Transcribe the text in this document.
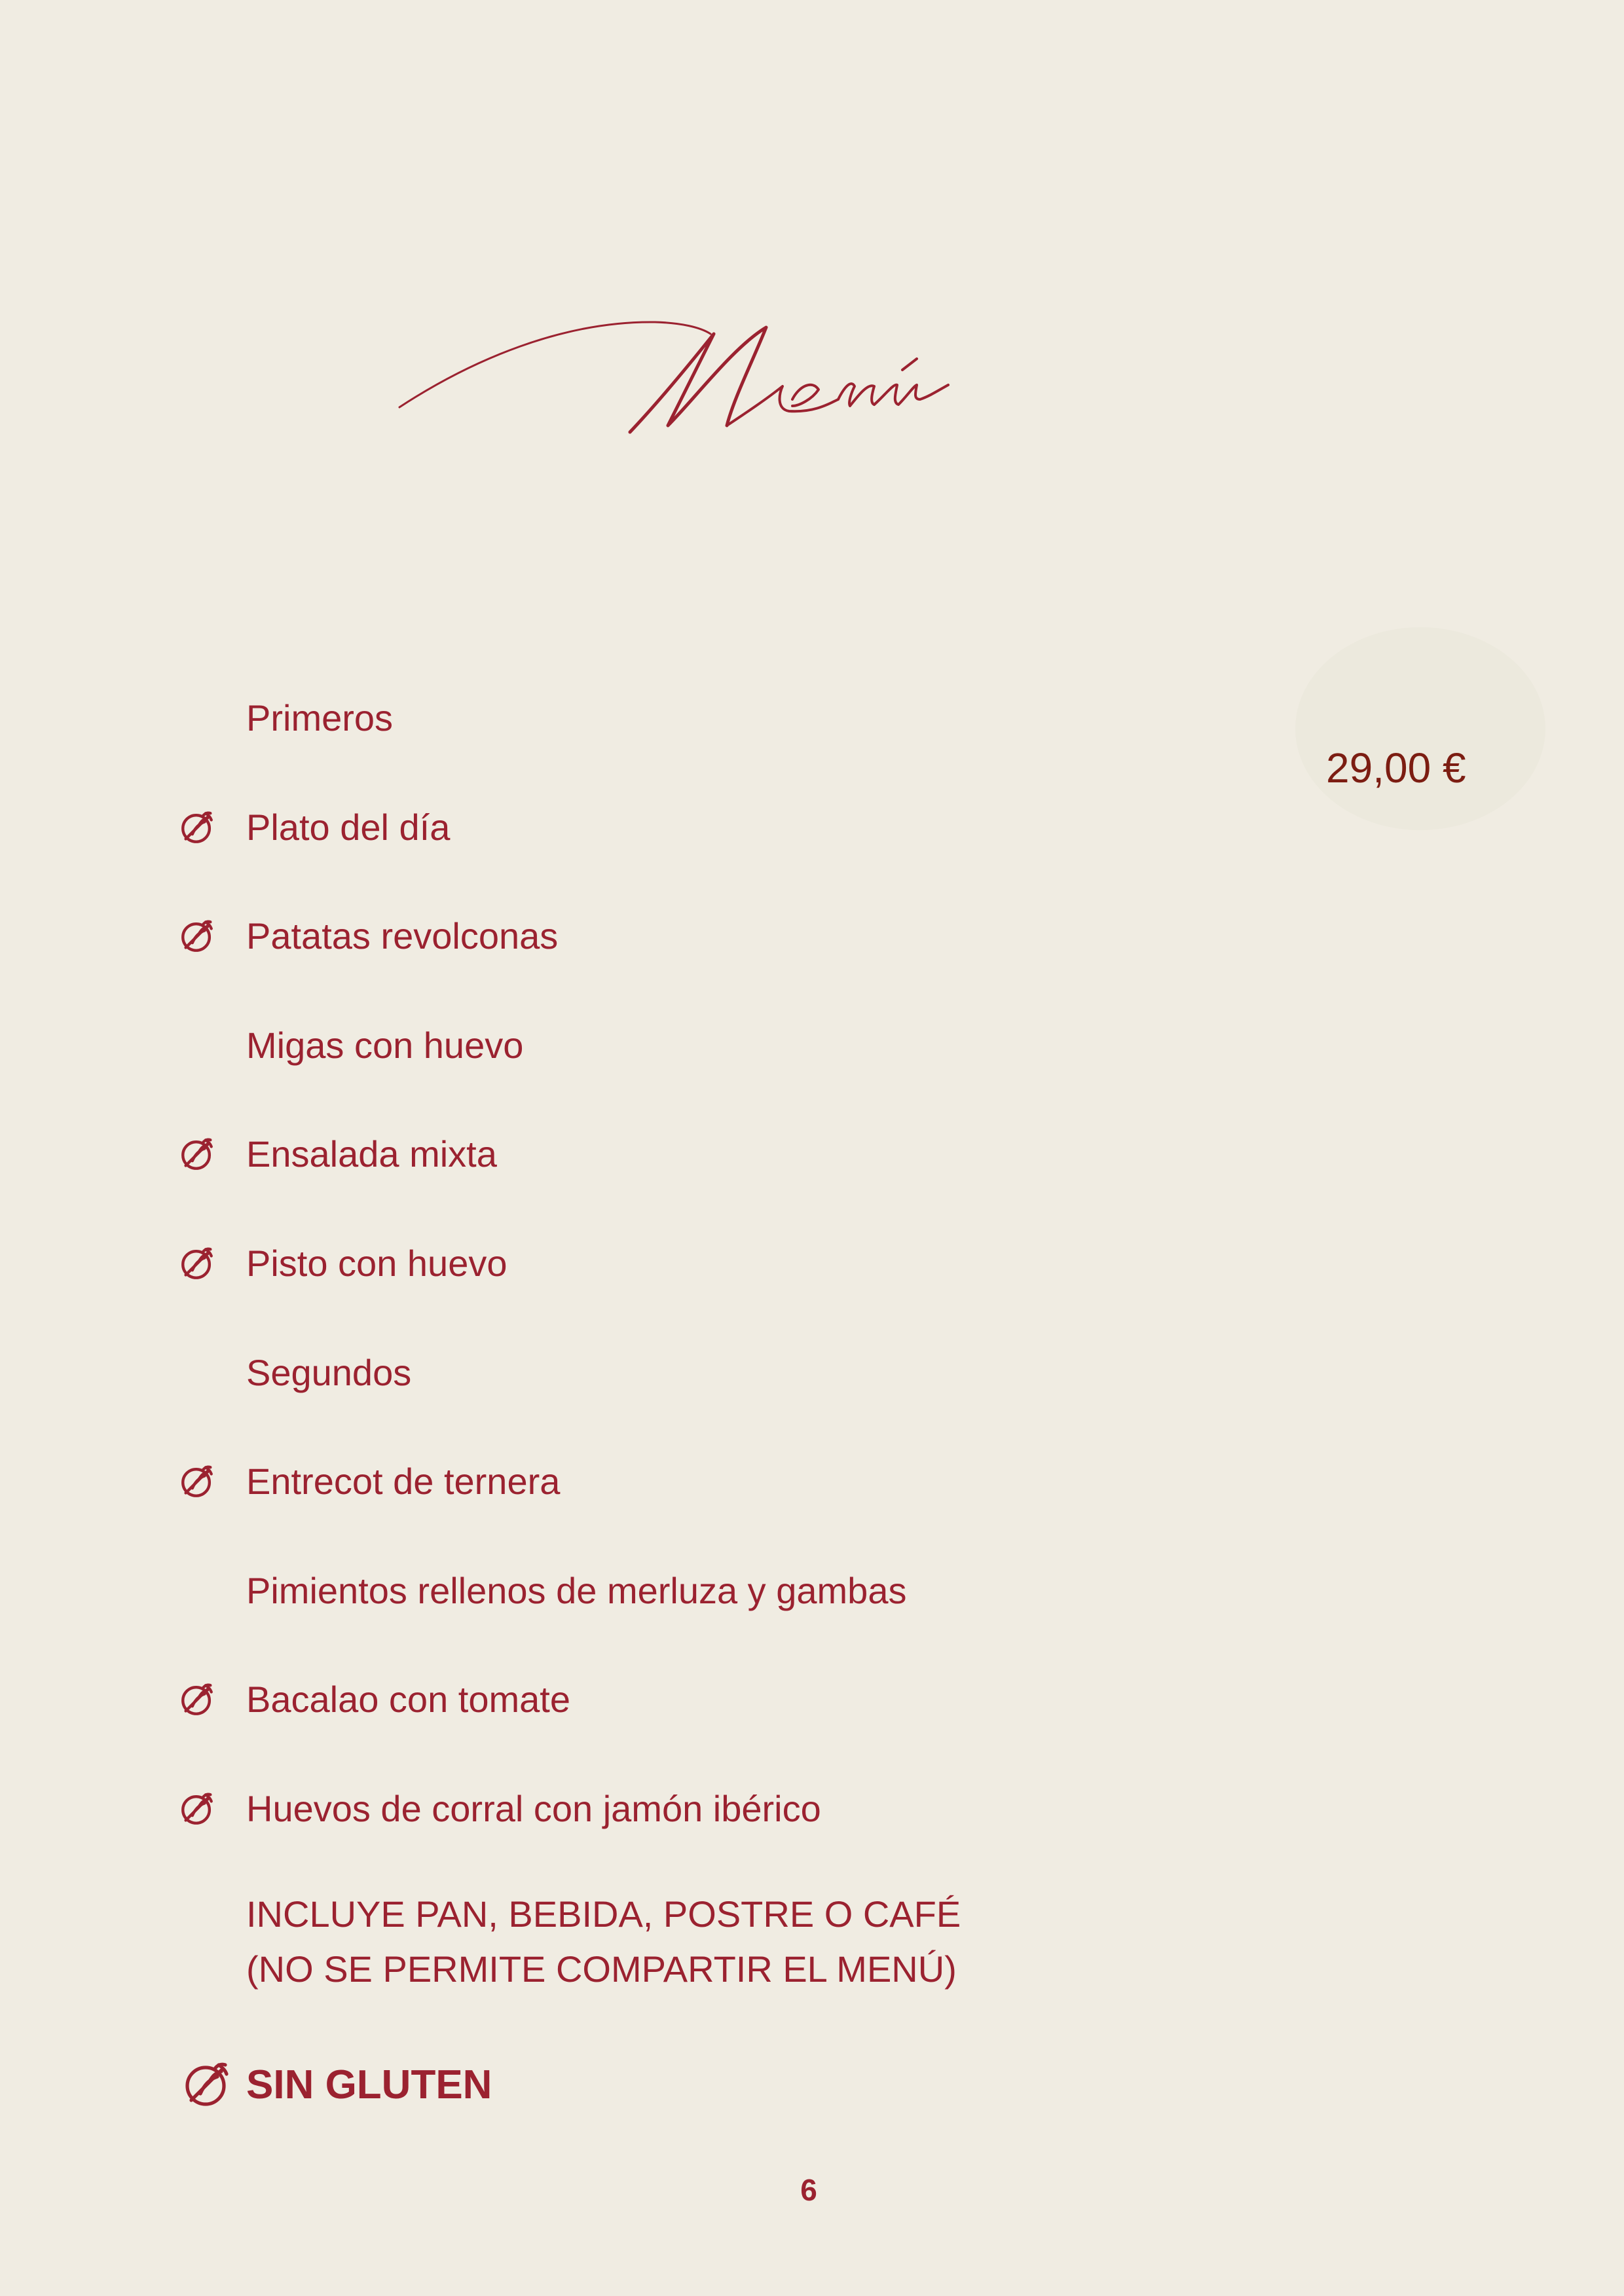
29,00 €
Primeros
Plato del día
Patatas revolconas
Migas con huevo
Ensalada mixta
Pisto con huevo
Segundos
Entrecot de ternera
Pimientos rellenos de merluza y gambas
Bacalao con tomate
Huevos de corral con jamón ibérico
INCLUYE PAN, BEBIDA, POSTRE O CAFÉ
(NO SE PERMITE COMPARTIR EL MENÚ)
SIN GLUTEN
6
